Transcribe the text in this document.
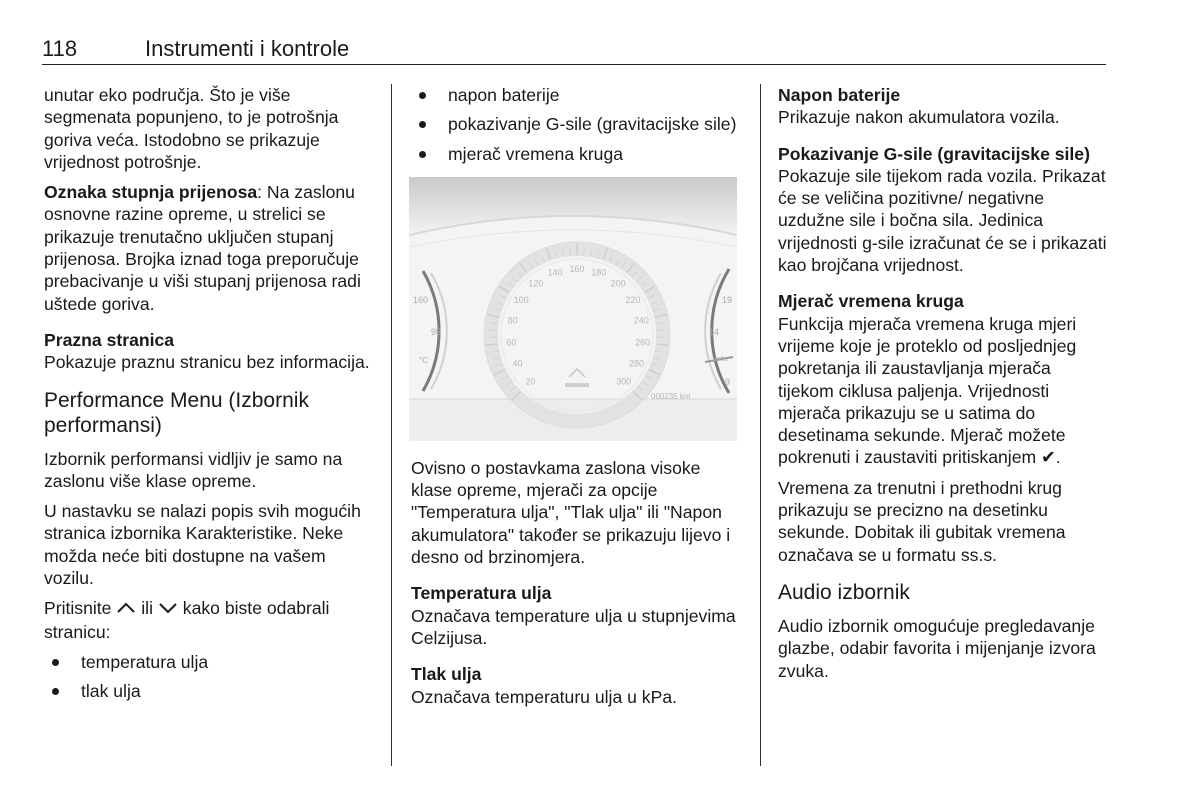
118	Instrumenti i kontrole

unutar eko područja. Što je više segmenata popunjeno, to je potrošnja goriva veća. Istodobno se prikazuje vrijednost potrošnje.

Oznaka stupnja prijenosa: Na zaslonu osnovne razine opreme, u strelici se prikazuje trenutačno uključen stupanj prijenosa. Brojka iznad toga preporučuje prebacivanje u viši stupanj prijenosa radi uštede goriva.

Prazna stranica

Pokazuje praznu stranicu bez informacija.

Performance Menu (Izbornik performansi)

Izbornik performansi vidljiv je samo na zaslonu više klase opreme.

U nastavku se nalazi popis svih mogućih stranica izbornika Karakteristike. Neke možda neće biti dostupne na vašem vozilu.

Pritisnite ili kako biste odabrali stranicu:

temperatura ulja
tlak ulja
napon baterije
pokazivanje G-sile (gravitacijske sile)
mjerač vremena kruga
160
95
°C
20
40
60
80
100
120
140 160 180
200
220
240
260
280
300
000235 km
19
14
volts
9

Ovisno o postavkama zaslona visoke klase opreme, mjerači za opcije "Temperatura ulja", "Tlak ulja" ili "Napon akumulatora" također se prikazuju lijevo i desno od brzinomjera.

Temperatura ulja

Označava temperature ulja u stupnjevima Celzijusa.

Tlak ulja

Označava temperaturu ulja u kPa.

Napon baterije

Prikazuje nakon akumulatora vozila.

Pokazivanje G-sile (gravitacijske sile)

Pokazuje sile tijekom rada vozila. Prikazat će se veličina pozitivne/ negativne uzdužne sile i bočna sila. Jedinica vrijednosti g-sile izračunat će se i prikazati kao brojčana vrijednost.

Mjerač vremena kruga

Funkcija mjerača vremena kruga mjeri vrijeme koje je proteklo od posljednjeg pokretanja ili zaustavljanja mjerača tijekom ciklusa paljenja. Vrijednosti mjerača prikazuju se u satima do desetinama sekunde. Mjerač možete pokrenuti i zaustaviti pritiskanjem ✔.

Vremena za trenutni i prethodni krug prikazuju se precizno na desetinku sekunde. Dobitak ili gubitak vremena označava se u formatu ss.s.

Audio izbornik

Audio izbornik omogućuje pregledavanje glazbe, odabir favorita i mijenjanje izvora zvuka.
